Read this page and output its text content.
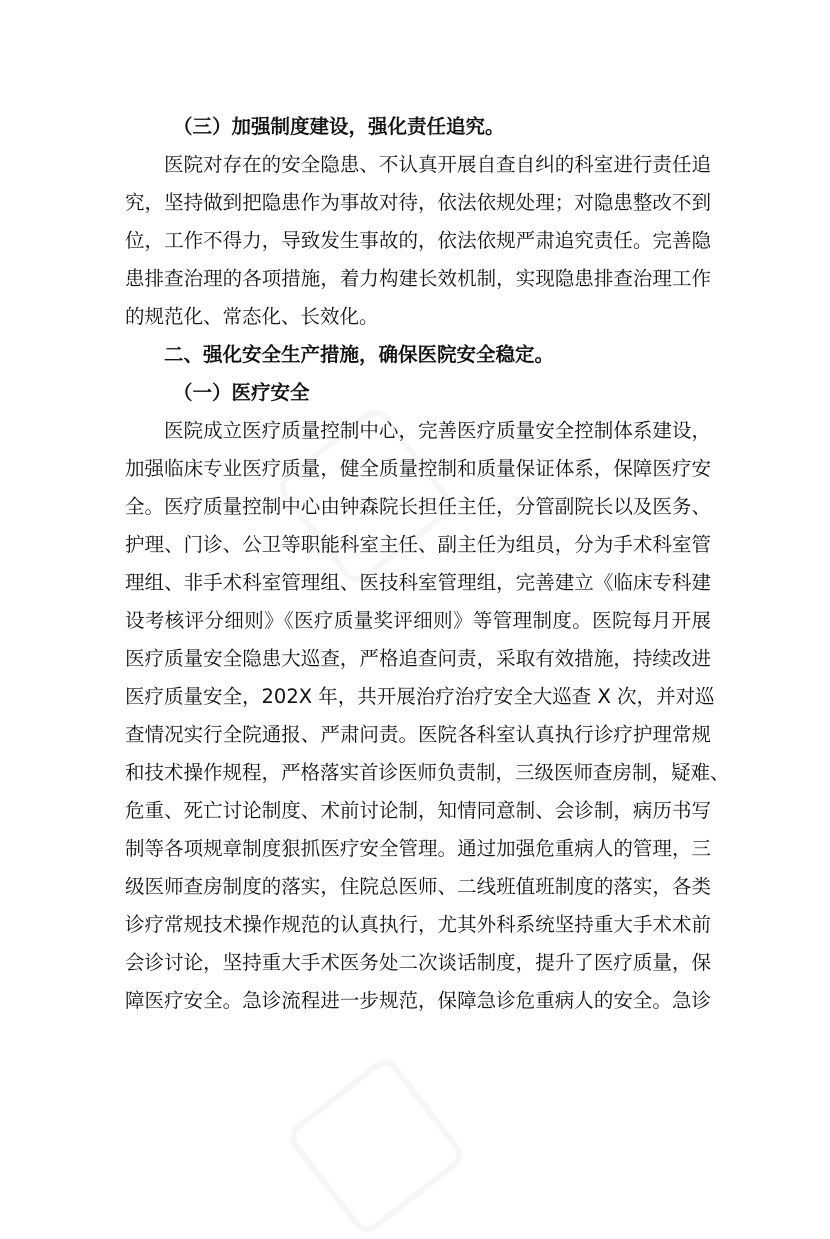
（三）加强制度建设，强化责任追究。
医院对存在的安全隐患、不认真开展自查自纠的科室进行责任追
究，坚持做到把隐患作为事故对待，依法依规处理；对隐患整改不到
位，工作不得力，导致发生事故的，依法依规严肃追究责任。完善隐
患排查治理的各项措施，着力构建长效机制，实现隐患排查治理工作
的规范化、常态化、长效化。
二、强化安全生产措施，确保医院安全稳定。
（一）医疗安全
医院成立医疗质量控制中心，完善医疗质量安全控制体系建设，
加强临床专业医疗质量，健全质量控制和质量保证体系，保障医疗安
全。医疗质量控制中心由钟森院长担任主任，分管副院长以及医务、
护理、门诊、公卫等职能科室主任、副主任为组员，分为手术科室管
理组、非手术科室管理组、医技科室管理组，完善建立《临床专科建
设考核评分细则》《医疗质量奖评细则》等管理制度。医院每月开展
医疗质量安全隐患大巡查，严格追查问责，采取有效措施，持续改进
医疗质量安全，202X 年，共开展治疗治疗安全大巡查 X 次，并对巡
查情况实行全院通报、严肃问责。医院各科室认真执行诊疗护理常规
和技术操作规程，严格落实首诊医师负责制，三级医师查房制，疑难、
危重、死亡讨论制度、术前讨论制，知情同意制、会诊制，病历书写
制等各项规章制度狠抓医疗安全管理。通过加强危重病人的管理，三
级医师查房制度的落实，住院总医师、二线班值班制度的落实，各类
诊疗常规技术操作规范的认真执行，尤其外科系统坚持重大手术术前
会诊讨论，坚持重大手术医务处二次谈话制度，提升了医疗质量，保
障医疗安全。急诊流程进一步规范，保障急诊危重病人的安全。急诊
